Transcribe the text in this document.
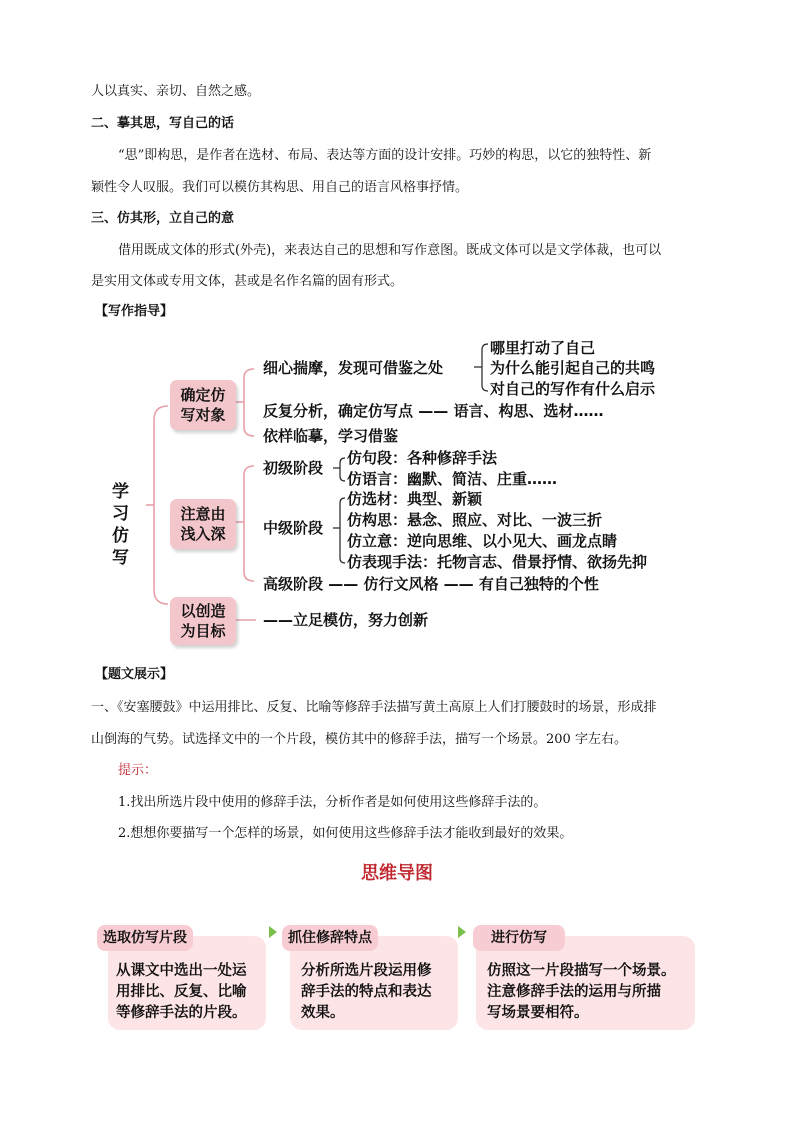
人以真实、亲切、自然之感。
二、摹其思，写自己的话
“思”即构思，是作者在选材、布局、表达等方面的设计安排。巧妙的构思，以它的独特性、新
颖性令人叹服。我们可以模仿其构思、用自己的语言风格事抒情。
三、仿其形，立自己的意
借用既成文体的形式(外壳)，来表达自己的思想和写作意图。既成文体可以是文学体裁，也可以
是实用文体或专用文体，甚或是名作名篇的固有形式。
【写作指导】
学习仿写
确定仿
写对象
注意由
浅入深
以创造
为目标
细心揣摩，发现可借鉴之处
哪里打动了自己
为什么能引起自己的共鸣
对自己的写作有什么启示
反复分析，确定仿写点 —— 语言、构思、选材……
依样临摹，学习借鉴
初级阶段
仿句段：各种修辞手法
仿语言：幽默、简洁、庄重……
中级阶段
仿选材：典型、新颖
仿构思：悬念、照应、对比、一波三折
仿立意：逆向思维、以小见大、画龙点睛
仿表现手法：托物言志、借景抒情、欲扬先抑
高级阶段 —— 仿行文风格 —— 有自己独特的个性
——立足模仿，努力创新
【题文展示】
一、《安塞腰鼓》中运用排比、反复、比喻等修辞手法描写黄土高原上人们打腰鼓时的场景，形成排
山倒海的气势。试选择文中的一个片段，模仿其中的修辞手法，描写一个场景。200 字左右。
提示：
1.找出所选片段中使用的修辞手法，分析作者是如何使用这些修辞手法的。
2.想想你要描写一个怎样的场景，如何使用这些修辞手法才能收到最好的效果。
思维导图
选取仿写片段
从课文中选出一处运
用排比、反复、比喻
等修辞手法的片段。
抓住修辞特点
分析所选片段运用修
辞手法的特点和表达
效果。
进行仿写
仿照这一片段描写一个场景。
注意修辞手法的运用与所描
写场景要相符。
